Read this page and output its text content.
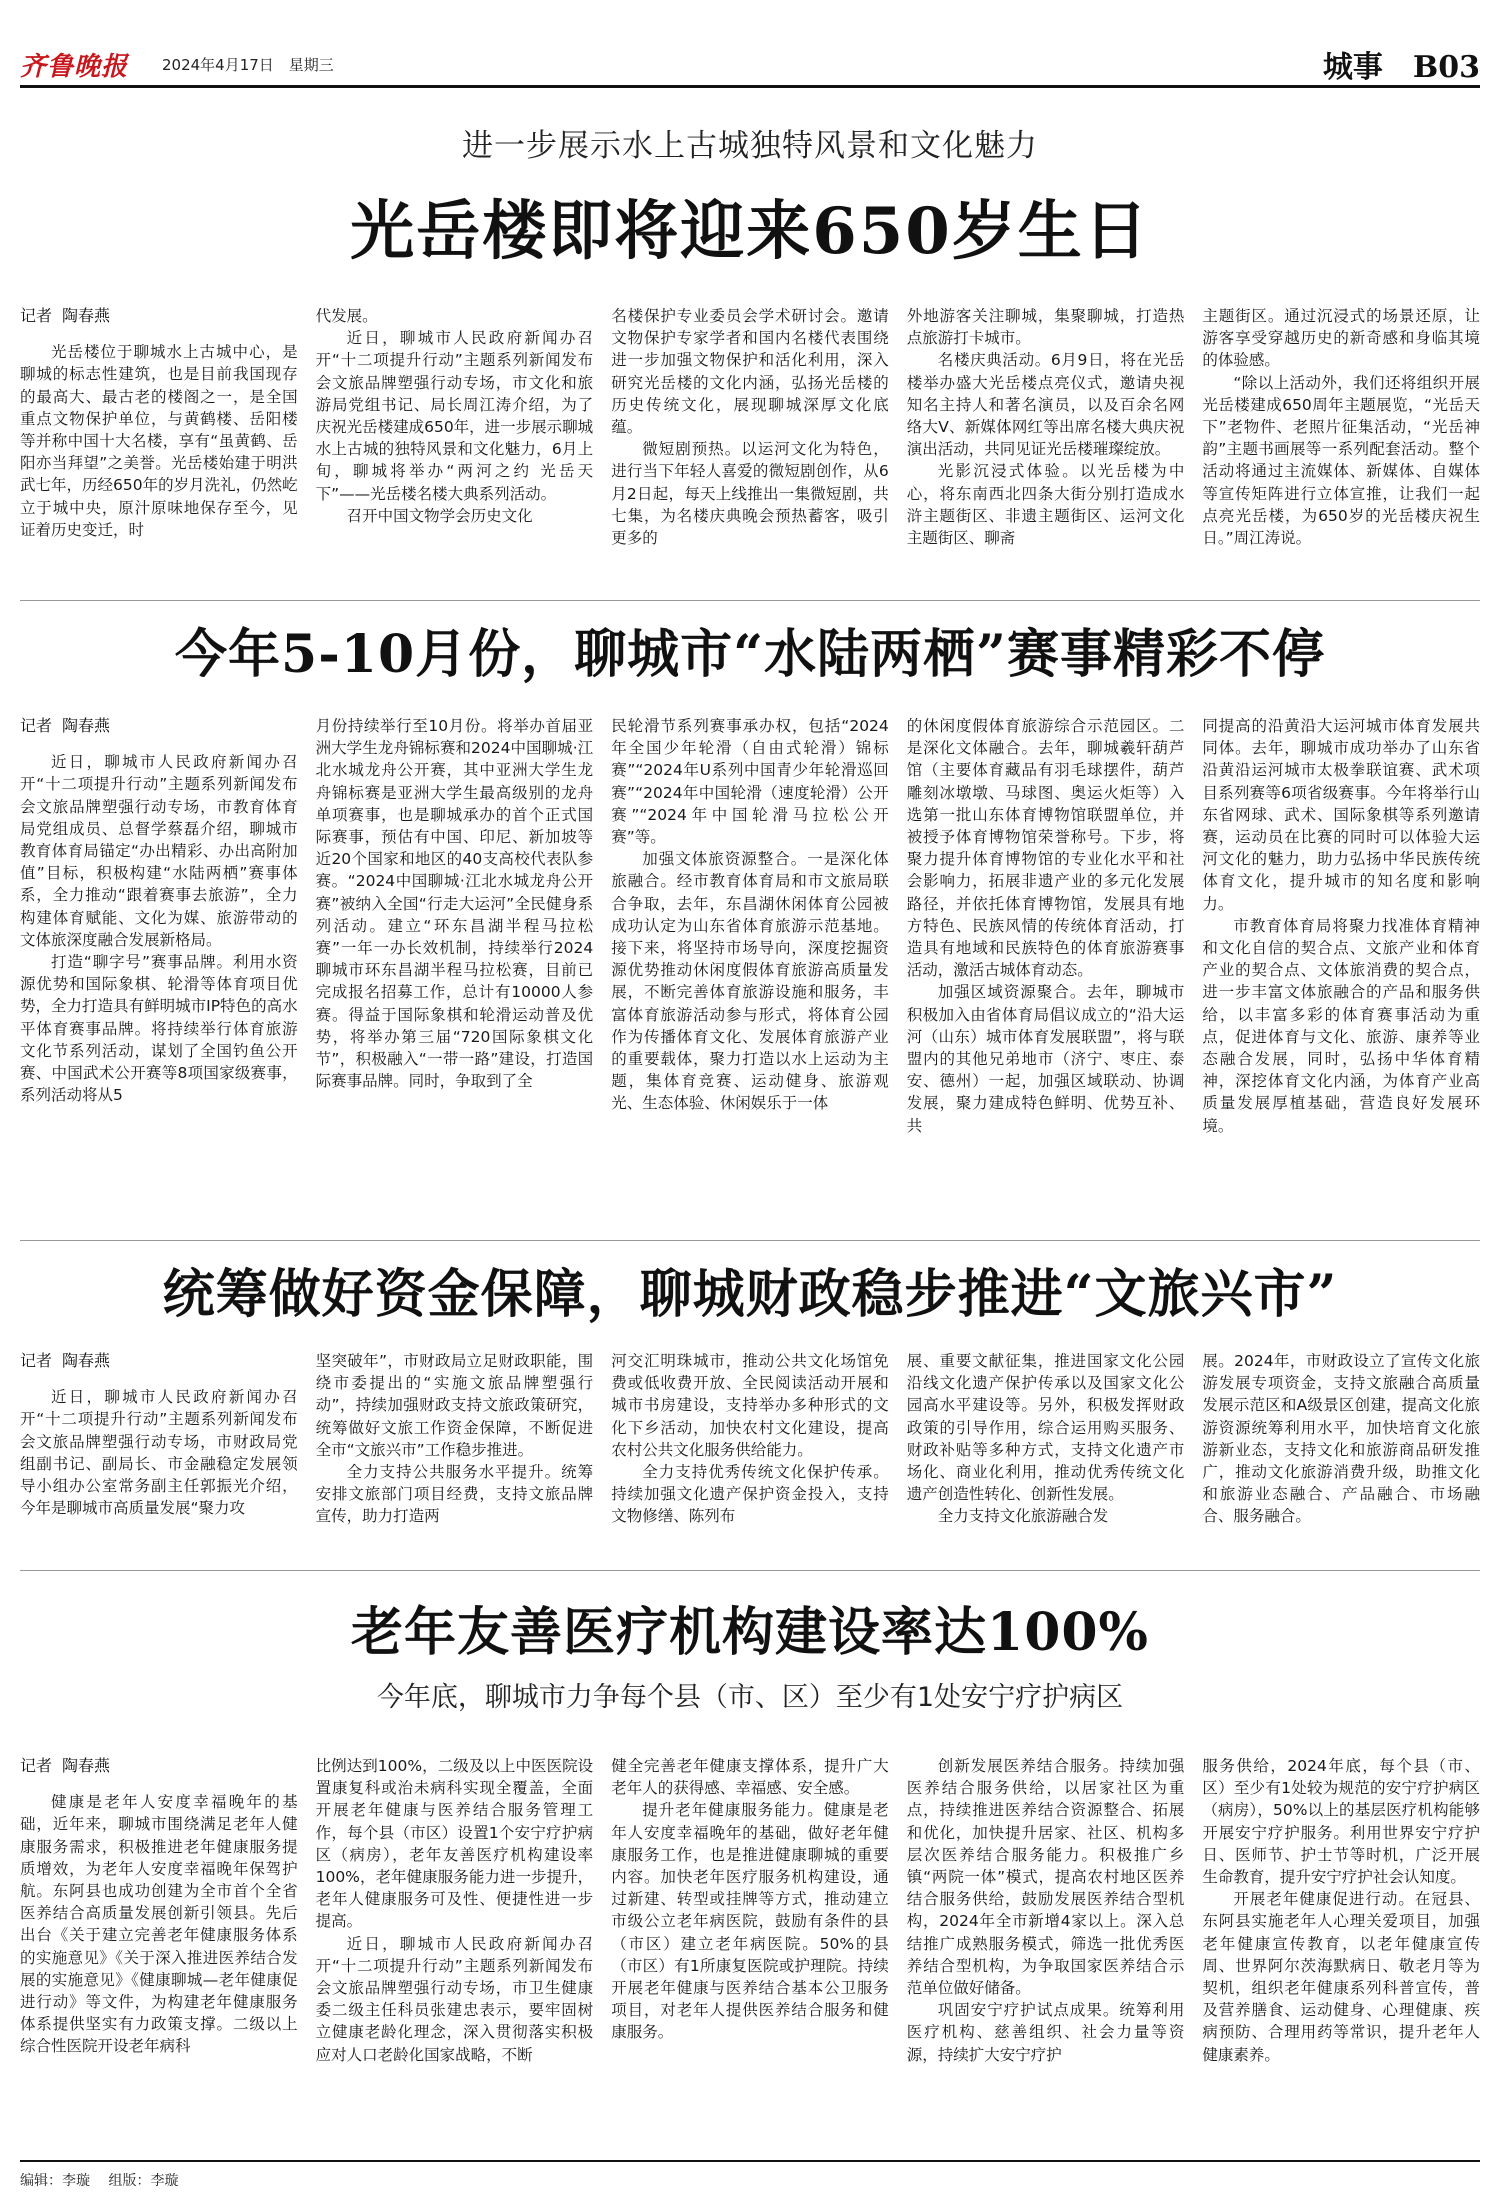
齐鲁晚报 2024年4月17日　星期三	城事　B03
进一步展示水上古城独特风景和文化魅力
光岳楼即将迎来650岁生日
记者 陶春燕

光岳楼位于聊城水上古城中心，是聊城的标志性建筑，也是目前我国现存的最高大、最古老的楼阁之一，是全国重点文物保护单位，与黄鹤楼、岳阳楼等并称中国十大名楼，享有“虽黄鹤、岳阳亦当拜望”之美誉。光岳楼始建于明洪武七年，历经650年的岁月洗礼，仍然屹立于城中央，原汁原味地保存至今，见证着历史变迁，时

代发展。

近日，聊城市人民政府新闻办召开“十二项提升行动”主题系列新闻发布会文旅品牌塑强行动专场，市文化和旅游局党组书记、局长周江涛介绍，为了庆祝光岳楼建成650年，进一步展示聊城水上古城的独特风景和文化魅力，6月上旬，聊城将举办“两河之约 光岳天下”——光岳楼名楼大典系列活动。

召开中国文物学会历史文化

名楼保护专业委员会学术研讨会。邀请文物保护专家学者和国内名楼代表围绕进一步加强文物保护和活化利用，深入研究光岳楼的文化内涵，弘扬光岳楼的历史传统文化，展现聊城深厚文化底蕴。

微短剧预热。以运河文化为特色，进行当下年轻人喜爱的微短剧创作，从6月2日起，每天上线推出一集微短剧，共七集，为名楼庆典晚会预热蓄客，吸引更多的

外地游客关注聊城，集聚聊城，打造热点旅游打卡城市。

名楼庆典活动。6月9日，将在光岳楼举办盛大光岳楼点亮仪式，邀请央视知名主持人和著名演员，以及百余名网络大V、新媒体网红等出席名楼大典庆祝演出活动，共同见证光岳楼璀璨绽放。

光影沉浸式体验。以光岳楼为中心，将东南西北四条大街分别打造成水浒主题街区、非遗主题街区、运河文化主题街区、聊斋

主题街区。通过沉浸式的场景还原，让游客享受穿越历史的新奇感和身临其境的体验感。

“除以上活动外，我们还将组织开展光岳楼建成650周年主题展览，“光岳天下”老物件、老照片征集活动，“光岳神韵”主题书画展等一系列配套活动。整个活动将通过主流媒体、新媒体、自媒体等宣传矩阵进行立体宣推，让我们一起点亮光岳楼，为650岁的光岳楼庆祝生日。”周江涛说。

今年5-10月份，聊城市“水陆两栖”赛事精彩不停
记者 陶春燕

近日，聊城市人民政府新闻办召开“十二项提升行动”主题系列新闻发布会文旅品牌塑强行动专场，市教育体育局党组成员、总督学蔡磊介绍，聊城市教育体育局锚定“办出精彩、办出高附加值”目标，积极构建“水陆两栖”赛事体系，全力推动“跟着赛事去旅游”，全力构建体育赋能、文化为媒、旅游带动的文体旅深度融合发展新格局。

打造“聊字号”赛事品牌。利用水资源优势和国际象棋、轮滑等体育项目优势，全力打造具有鲜明城市IP特色的高水平体育赛事品牌。将持续举行体育旅游文化节系列活动，谋划了全国钓鱼公开赛、中国武术公开赛等8项国家级赛事，系列活动将从5

月份持续举行至10月份。将举办首届亚洲大学生龙舟锦标赛和2024中国聊城·江北水城龙舟公开赛，其中亚洲大学生龙舟锦标赛是亚洲大学生最高级别的龙舟单项赛事，也是聊城承办的首个正式国际赛事，预估有中国、印尼、新加坡等近20个国家和地区的40支高校代表队参赛。“2024中国聊城·江北水城龙舟公开赛”被纳入全国“行走大运河”全民健身系列活动。建立“环东昌湖半程马拉松赛”一年一办长效机制，持续举行2024聊城市环东昌湖半程马拉松赛，目前已完成报名招募工作，总计有10000人参赛。得益于国际象棋和轮滑运动普及优势，将举办第三届“720国际象棋文化节”，积极融入“一带一路”建设，打造国际赛事品牌。同时，争取到了全

民轮滑节系列赛事承办权，包括“2024年全国少年轮滑（自由式轮滑）锦标赛”“2024年U系列中国青少年轮滑巡回赛”“2024年中国轮滑（速度轮滑）公开赛”“2024年中国轮滑马拉松公开赛”等。

加强文体旅资源整合。一是深化体旅融合。经市教育体育局和市文旅局联合争取，去年，东昌湖休闲体育公园被成功认定为山东省体育旅游示范基地。接下来，将坚持市场导向，深度挖掘资源优势推动休闲度假体育旅游高质量发展，不断完善体育旅游设施和服务，丰富体育旅游活动参与形式，将体育公园作为传播体育文化、发展体育旅游产业的重要载体，聚力打造以水上运动为主题，集体育竞赛、运动健身、旅游观光、生态体验、休闲娱乐于一体

的休闲度假体育旅游综合示范园区。二是深化文体融合。去年，聊城羲轩葫芦馆（主要体育藏品有羽毛球摆件，葫芦雕刻冰墩墩、马球图、奥运火炬等）入选第一批山东体育博物馆联盟单位，并被授予体育博物馆荣誉称号。下步，将聚力提升体育博物馆的专业化水平和社会影响力，拓展非遗产业的多元化发展路径，并依托体育博物馆，发展具有地方特色、民族风情的传统体育活动，打造具有地域和民族特色的体育旅游赛事活动，激活古城体育动态。

加强区域资源聚合。去年，聊城市积极加入由省体育局倡议成立的“沿大运河（山东）城市体育发展联盟”，将与联盟内的其他兄弟地市（济宁、枣庄、泰安、德州）一起，加强区域联动、协调发展，聚力建成特色鲜明、优势互补、共

同提高的沿黄沿大运河城市体育发展共同体。去年，聊城市成功举办了山东省沿黄沿运河城市太极拳联谊赛、武术项目系列赛等6项省级赛事。今年将举行山东省网球、武术、国际象棋等系列邀请赛，运动员在比赛的同时可以体验大运河文化的魅力，助力弘扬中华民族传统体育文化，提升城市的知名度和影响力。

市教育体育局将聚力找准体育精神和文化自信的契合点、文旅产业和体育产业的契合点、文体旅消费的契合点，进一步丰富文体旅融合的产品和服务供给，以丰富多彩的体育赛事活动为重点，促进体育与文化、旅游、康养等业态融合发展，同时，弘扬中华体育精神，深挖体育文化内涵，为体育产业高质量发展厚植基础，营造良好发展环境。

统筹做好资金保障，聊城财政稳步推进“文旅兴市”
记者 陶春燕

近日，聊城市人民政府新闻办召开“十二项提升行动”主题系列新闻发布会文旅品牌塑强行动专场，市财政局党组副书记、副局长、市金融稳定发展领导小组办公室常务副主任郭振光介绍，今年是聊城市高质量发展“聚力攻

坚突破年”，市财政局立足财政职能，围绕市委提出的“实施文旅品牌塑强行动”，持续加强财政支持文旅政策研究，统筹做好文旅工作资金保障，不断促进全市“文旅兴市”工作稳步推进。

全力支持公共服务水平提升。统筹安排文旅部门项目经费，支持文旅品牌宣传，助力打造两

河交汇明珠城市，推动公共文化场馆免费或低收费开放、全民阅读活动开展和城市书房建设，支持举办多种形式的文化下乡活动，加快农村文化建设，提高农村公共文化服务供给能力。

全力支持优秀传统文化保护传承。持续加强文化遗产保护资金投入，支持文物修缮、陈列布

展、重要文献征集，推进国家文化公园沿线文化遗产保护传承以及国家文化公园高水平建设等。另外，积极发挥财政政策的引导作用，综合运用购买服务、财政补贴等多种方式，支持文化遗产市场化、商业化利用，推动优秀传统文化遗产创造性转化、创新性发展。

全力支持文化旅游融合发

展。2024年，市财政设立了宣传文化旅游发展专项资金，支持文旅融合高质量发展示范区和A级景区创建，提高文化旅游资源统筹利用水平，加快培育文化旅游新业态，支持文化和旅游商品研发推广，推动文化旅游消费升级，助推文化和旅游业态融合、产品融合、市场融合、服务融合。

老年友善医疗机构建设率达100%
今年底，聊城市力争每个县（市、区）至少有1处安宁疗护病区
记者 陶春燕

健康是老年人安度幸福晚年的基础，近年来，聊城市围绕满足老年人健康服务需求，积极推进老年健康服务提质增效，为老年人安度幸福晚年保驾护航。东阿县也成功创建为全市首个全省医养结合高质量发展创新引领县。先后出台《关于建立完善老年健康服务体系的实施意见》《关于深入推进医养结合发展的实施意见》《健康聊城—老年健康促进行动》等文件，为构建老年健康服务体系提供坚实有力政策支撑。二级以上综合性医院开设老年病科

比例达到100%，二级及以上中医医院设置康复科或治未病科实现全覆盖，全面开展老年健康与医养结合服务管理工作，每个县（市区）设置1个安宁疗护病区（病房），老年友善医疗机构建设率100%，老年健康服务能力进一步提升，老年人健康服务可及性、便捷性进一步提高。

近日，聊城市人民政府新闻办召开“十二项提升行动”主题系列新闻发布会文旅品牌塑强行动专场，市卫生健康委二级主任科员张建忠表示，要牢固树立健康老龄化理念，深入贯彻落实积极应对人口老龄化国家战略，不断

健全完善老年健康支撑体系，提升广大老年人的获得感、幸福感、安全感。

提升老年健康服务能力。健康是老年人安度幸福晚年的基础，做好老年健康服务工作，也是推进健康聊城的重要内容。加快老年医疗服务机构建设，通过新建、转型或挂牌等方式，推动建立市级公立老年病医院，鼓励有条件的县（市区）建立老年病医院。50%的县（市区）有1所康复医院或护理院。持续开展老年健康与医养结合基本公卫服务项目，对老年人提供医养结合服务和健康服务。

创新发展医养结合服务。持续加强医养结合服务供给，以居家社区为重点，持续推进医养结合资源整合、拓展和优化，加快提升居家、社区、机构多层次医养结合服务能力。积极推广乡镇“两院一体”模式，提高农村地区医养结合服务供给，鼓励发展医养结合型机构，2024年全市新增4家以上。深入总结推广成熟服务模式，筛选一批优秀医养结合型机构，为争取国家医养结合示范单位做好储备。

巩固安宁疗护试点成果。统筹利用医疗机构、慈善组织、社会力量等资源，持续扩大安宁疗护

服务供给，2024年底，每个县（市、区）至少有1处较为规范的安宁疗护病区（病房），50%以上的基层医疗机构能够开展安宁疗护服务。利用世界安宁疗护日、医师节、护士节等时机，广泛开展生命教育，提升安宁疗护社会认知度。

开展老年健康促进行动。在冠县、东阿县实施老年人心理关爱项目，加强老年健康宣传教育，以老年健康宣传周、世界阿尔茨海默病日、敬老月等为契机，组织老年健康系列科普宣传，普及营养膳食、运动健身、心理健康、疾病预防、合理用药等常识，提升老年人健康素养。

编辑：李璇 组版：李璇
